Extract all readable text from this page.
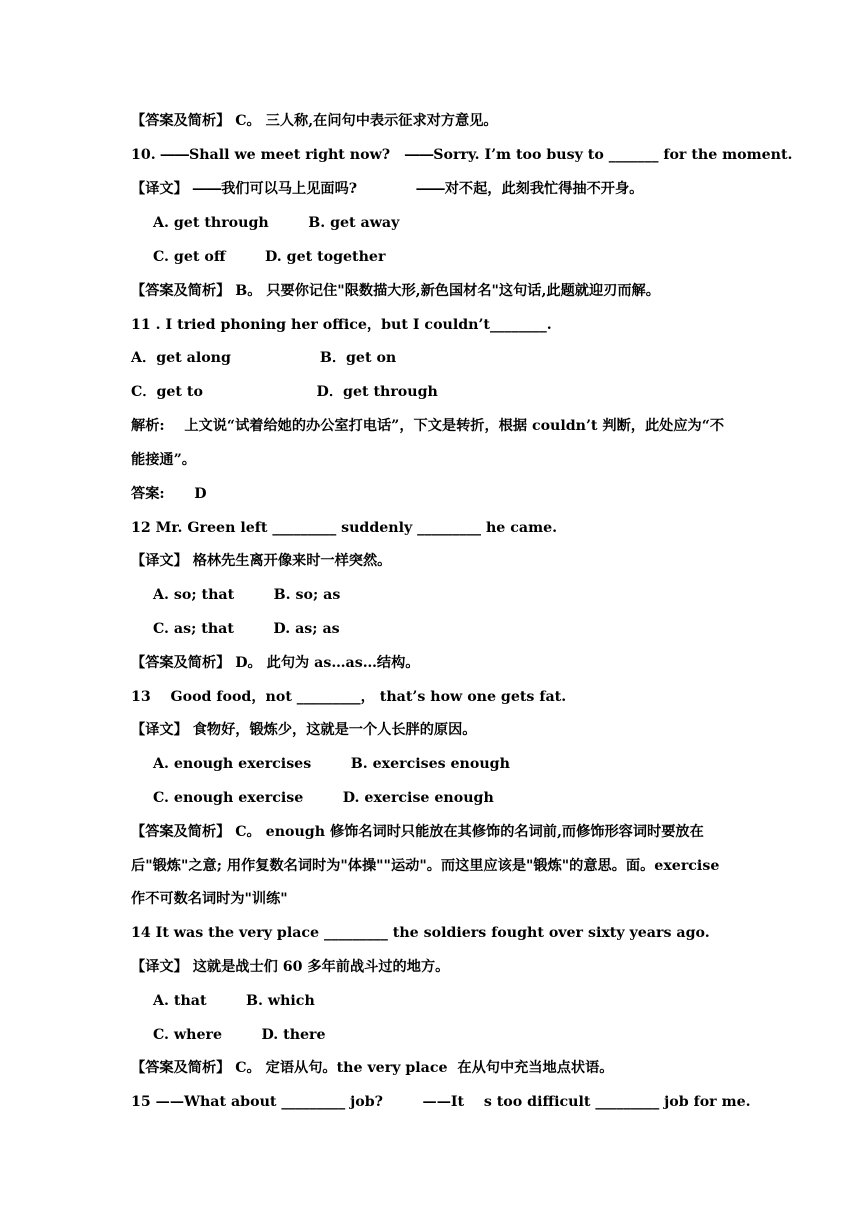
【答案及简析】 C。 三人称,在问句中表示征求对方意见。
10. ――Shall we meet right now?   ――Sorry. I’m too busy to _______ for the moment.
【译文】 ――我们可以马上见面吗?            ――对不起，此刻我忙得抽不开身。
A. get through        B. get away
C. get off        D. get together
【答案及简析】 B。 只要你记住"限数描大形,新色国材名"这句话,此题就迎刃而解。
11 . I tried phoning her office，but I couldn’t________.
A．get along                  B．get on
C．get to                       D．get through
解析:    上文说“试着给她的办公室打电话”，下文是转折，根据 couldn’t 判断，此处应为“不
能接通”。
答案:      D
12 Mr. Green left _________ suddenly _________ he came.
【译文】 格林先生离开像来时一样突然。
A. so; that        B. so; as
C. as; that        D. as; as
【答案及简析】 D。 此句为 as…as…结构。
13    Good food，not _________， that’s how one gets fat.
【译文】 食物好，锻炼少，这就是一个人长胖的原因。
A. enough exercises        B. exercises enough
C. enough exercise        D. exercise enough
【答案及简析】 C。 enough 修饰名词时只能放在其修饰的名词前,而修饰形容词时要放在
后"锻炼"之意; 用作复数名词时为"体操""运动"。而这里应该是"锻炼"的意思。面。exercise
作不可数名词时为"训练"
14 It was the very place _________ the soldiers fought over sixty years ago.
【译文】 这就是战士们 60 多年前战斗过的地方。
A. that        B. which
C. where        D. there
【答案及简析】 C。 定语从句。the very place  在从句中充当地点状语。
15 ——What about _________ job?        ——It    s too difficult _________ job for me.
